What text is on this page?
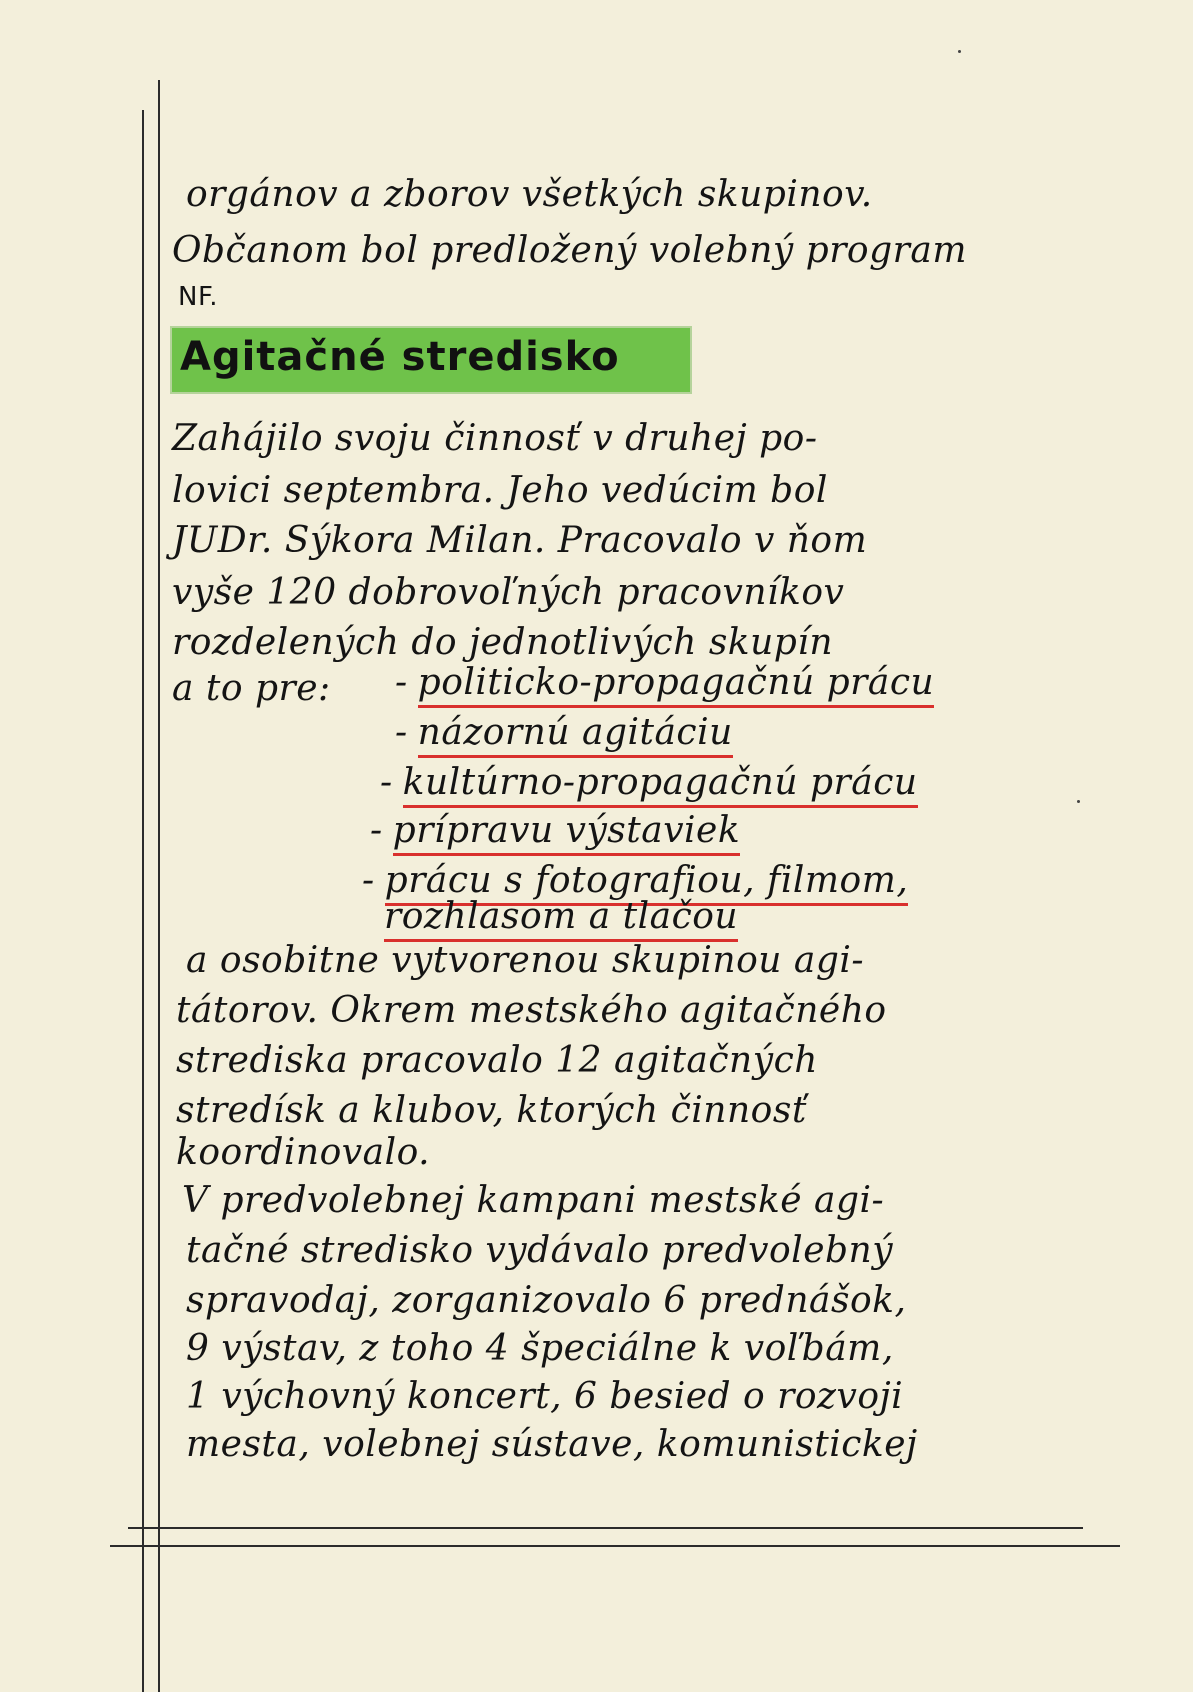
orgánov a zborov všetkých skupinov.
Občanom bol predložený volebný program
NF.
Agitačné stredisko
Zahájilo svoju činnosť v druhej po-
lovici septembra. Jeho vedúcim bol
JUDr. Sýkora Milan. Pracovalo v ňom
vyše 120 dobrovoľných pracovníkov
rozdelených do jednotlivých skupín
a to pre: - politicko-propagačnú prácu
- názornú agitáciu
- kultúrno-propagačnú prácu
- prípravu výstaviek
- prácu s fotografiou, filmom,
rozhlasom a tlačou
a osobitne vytvorenou skupinou agi-
tátorov. Okrem mestského agitačného
strediska pracovalo 12 agitačných
stredísk a klubov, ktorých činnosť
koordinovalo.
V predvolebnej kampani mestské agi-
tačné stredisko vydávalo predvolebný
spravodaj, zorganizovalo 6 prednášok,
9 výstav, z toho 4 špeciálne k voľbám,
1 výchovný koncert, 6 besied o rozvoji
mesta, volebnej sústave, komunistickej
